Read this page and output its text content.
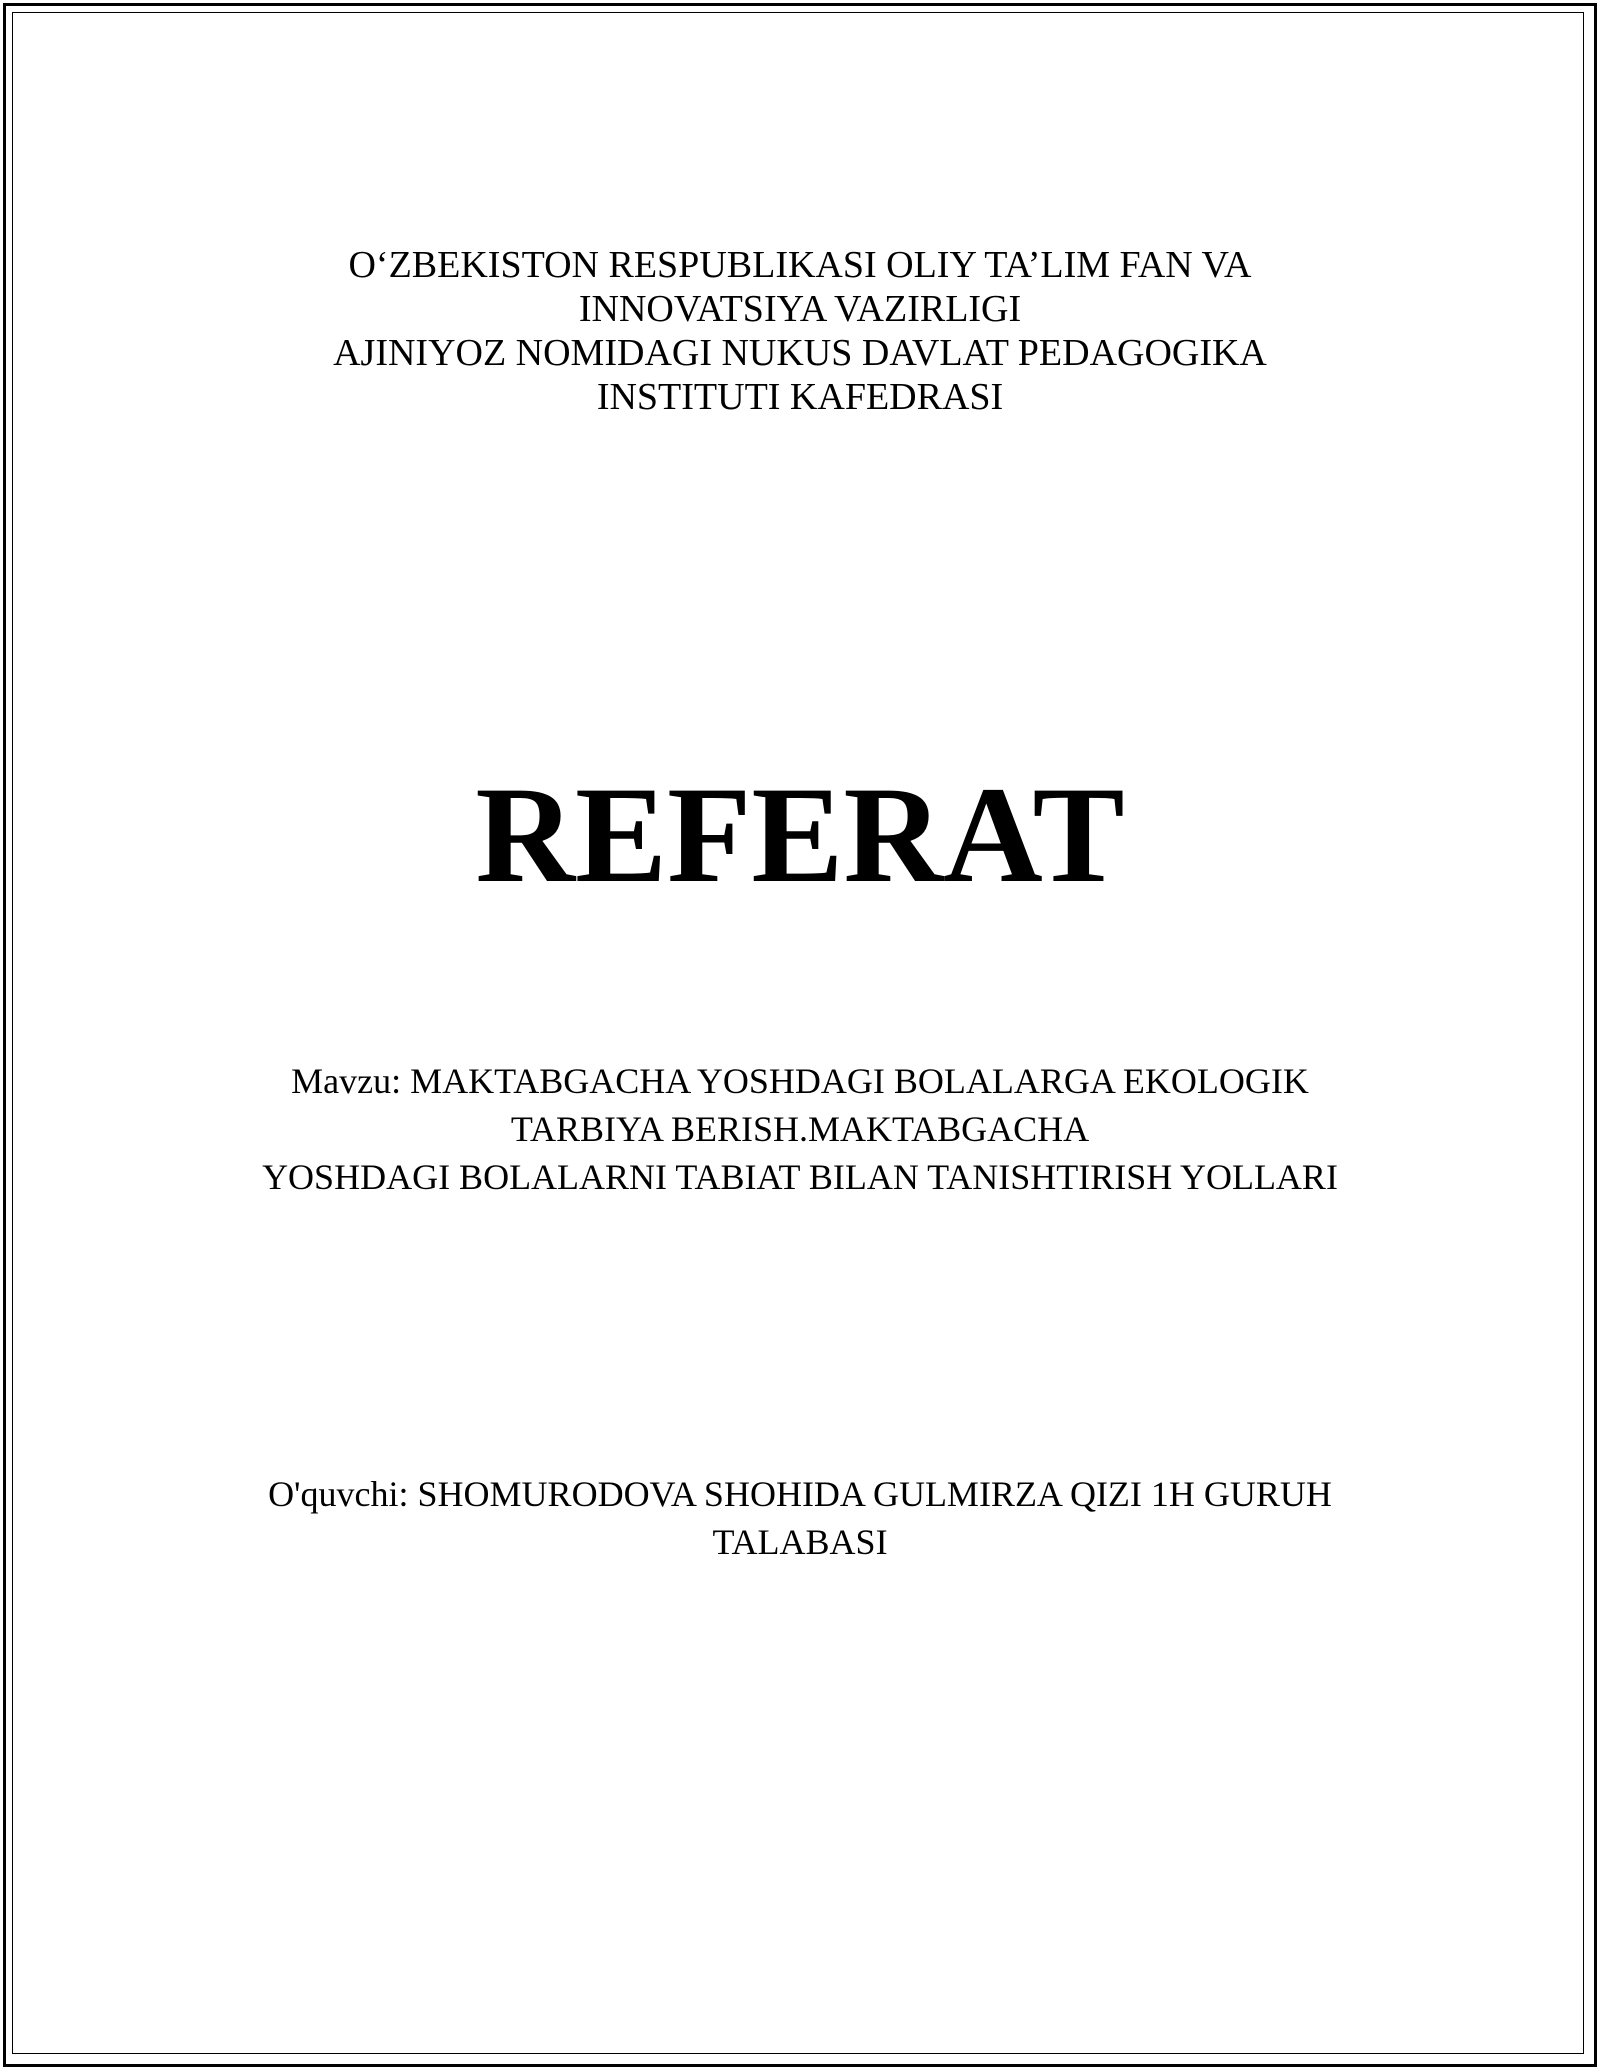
O‘ZBEKISTON RESPUBLIKASI OLIY TA’LIM FAN VA
INNOVATSIYA VAZIRLIGI
AJINIYOZ NOMIDAGI NUKUS DAVLAT PEDAGOGIKA
INSTITUTI KAFEDRASI
REFERAT
Mavzu: MAKTABGACHA YOSHDAGI BOLALARGA EKOLOGIK
TARBIYA BERISH.MAKTABGACHA
YOSHDAGI BOLALARNI TABIAT BILAN TANISHTIRISH YOLLARI
O'quvchi: SHOMURODOVA SHOHIDA GULMIRZA QIZI 1H GURUH
TALABASI
